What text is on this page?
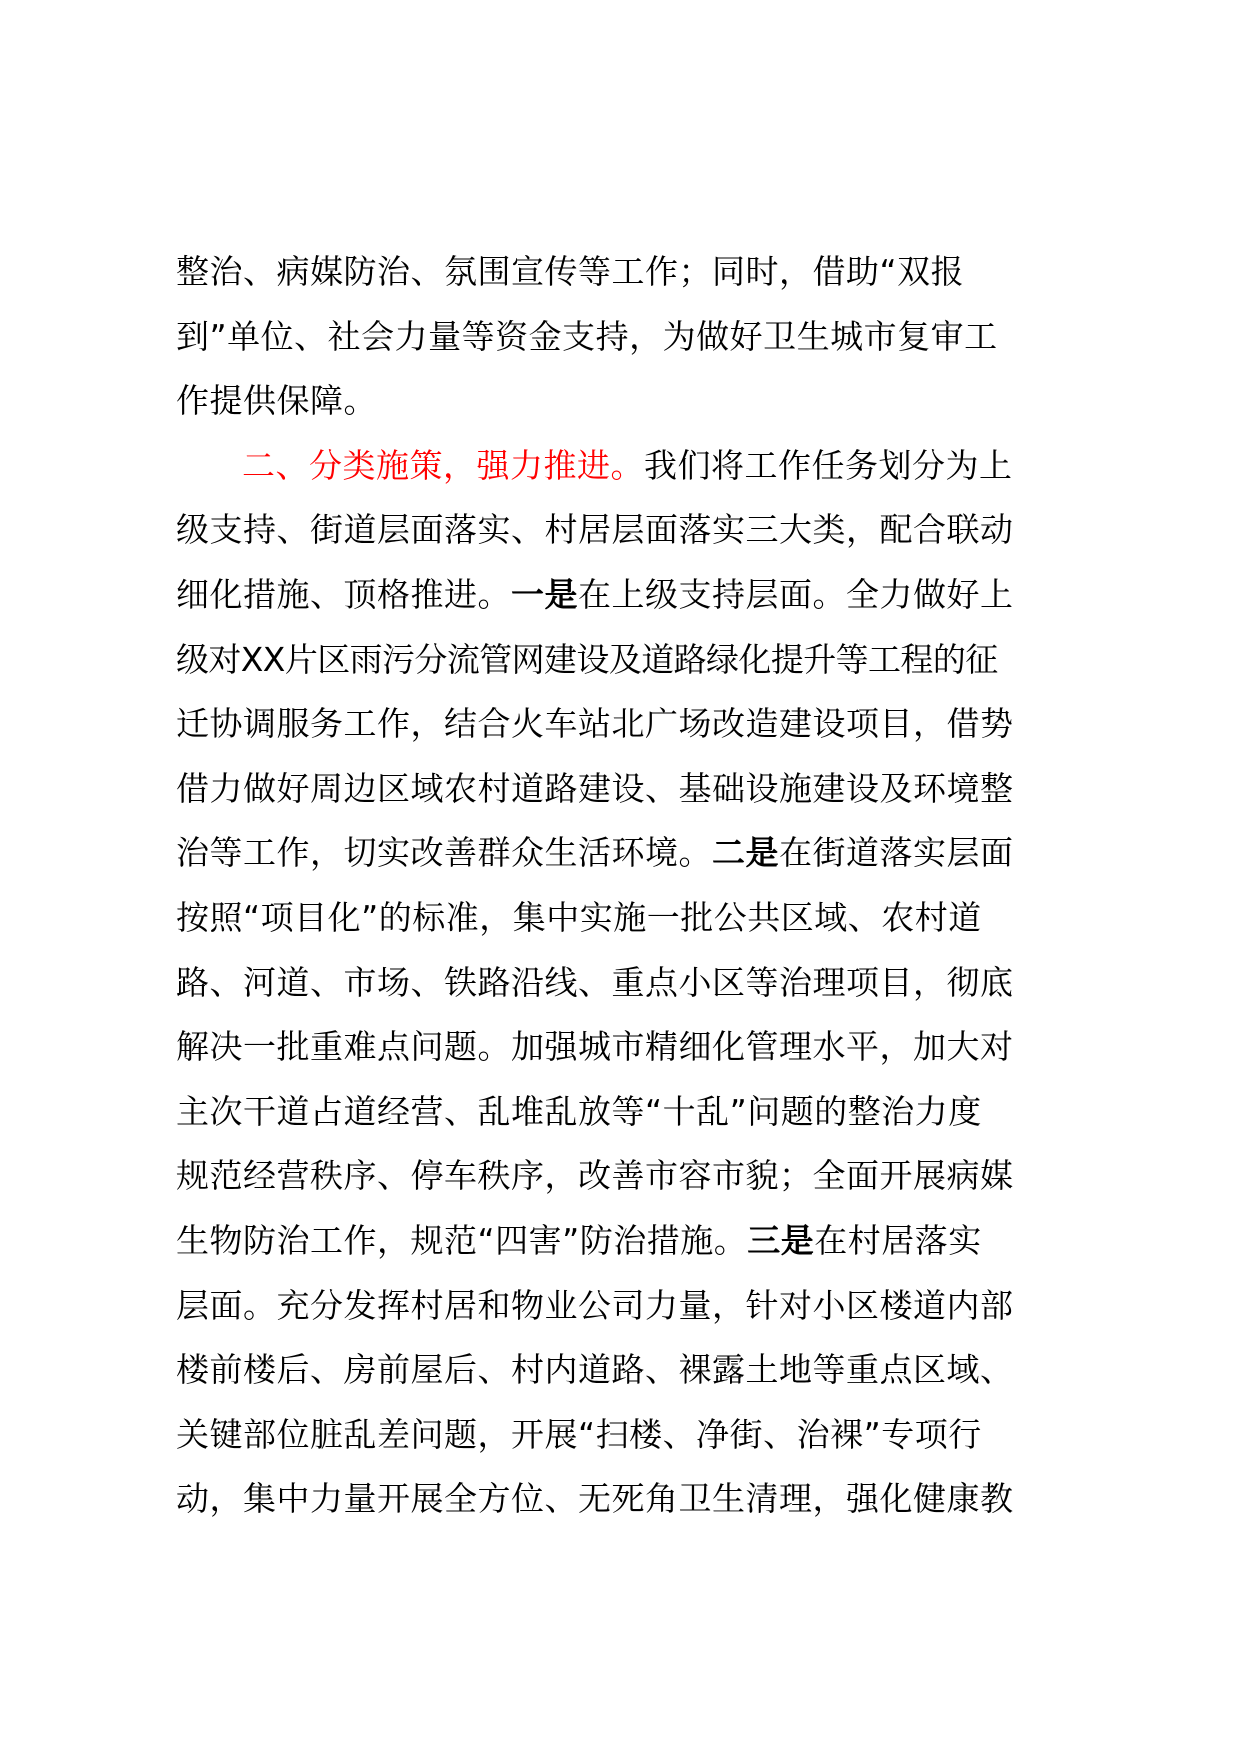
整治、病媒防治、氛围宣传等工作；同时，借助“双报
到”单位、社会力量等资金支持，为做好卫生城市复审工
作提供保障。
二、分类施策，强力推进。我们将工作任务划分为上
级支持、街道层面落实、村居层面落实三大类，配合联动
细化措施、顶格推进。一是在上级支持层面。全力做好上
级对XX片区雨污分流管网建设及道路绿化提升等工程的征
迁协调服务工作，结合火车站北广场改造建设项目，借势
借力做好周边区域农村道路建设、基础设施建设及环境整
治等工作，切实改善群众生活环境。二是在街道落实层面
按照“项目化”的标准，集中实施一批公共区域、农村道
路、河道、市场、铁路沿线、重点小区等治理项目，彻底
解决一批重难点问题。加强城市精细化管理水平，加大对
主次干道占道经营、乱堆乱放等“十乱”问题的整治力度
规范经营秩序、停车秩序，改善市容市貌；全面开展病媒
生物防治工作，规范“四害”防治措施。三是在村居落实
层面。充分发挥村居和物业公司力量，针对小区楼道内部
楼前楼后、房前屋后、村内道路、裸露土地等重点区域、
关键部位脏乱差问题，开展“扫楼、净街、治裸”专项行
动，集中力量开展全方位、无死角卫生清理，强化健康教
